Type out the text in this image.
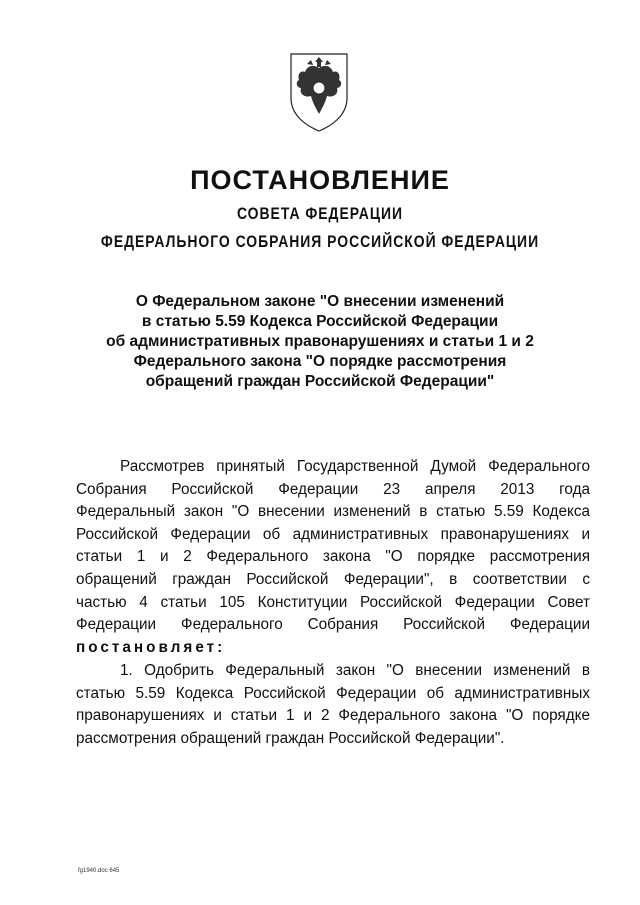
ПОСТАНОВЛЕНИЕ
СОВЕТА ФЕДЕРАЦИИ
ФЕДЕРАЛЬНОГО СОБРАНИЯ РОССИЙСКОЙ ФЕДЕРАЦИИ
О Федеральном законе "О внесении изменений
в статью 5.59 Кодекса Российской Федерации
об административных правонарушениях и статьи 1 и 2
Федерального закона "О порядке рассмотрения
обращений граждан Российской Федерации"
Рассмотрев принятый Государственной Думой Федерального
Собрания Российской Федерации 23 апреля 2013 года
Федеральный закон "О внесении изменений в статью 5.59 Кодекса
Российской Федерации об административных правонарушениях и
статьи 1 и 2 Федерального закона "О порядке рассмотрения
обращений граждан Российской Федерации", в соответствии с
частью 4 статьи 105 Конституции Российской Федерации Совет
Федерации Федерального Собрания Российской Федерации
постановляет:
1. Одобрить Федеральный закон "О внесении изменений в
статью 5.59 Кодекса Российской Федерации об административных
правонарушениях и статьи 1 и 2 Федерального закона "О порядке
рассмотрения обращений граждан Российской Федерации".
fg1940.doc 645
